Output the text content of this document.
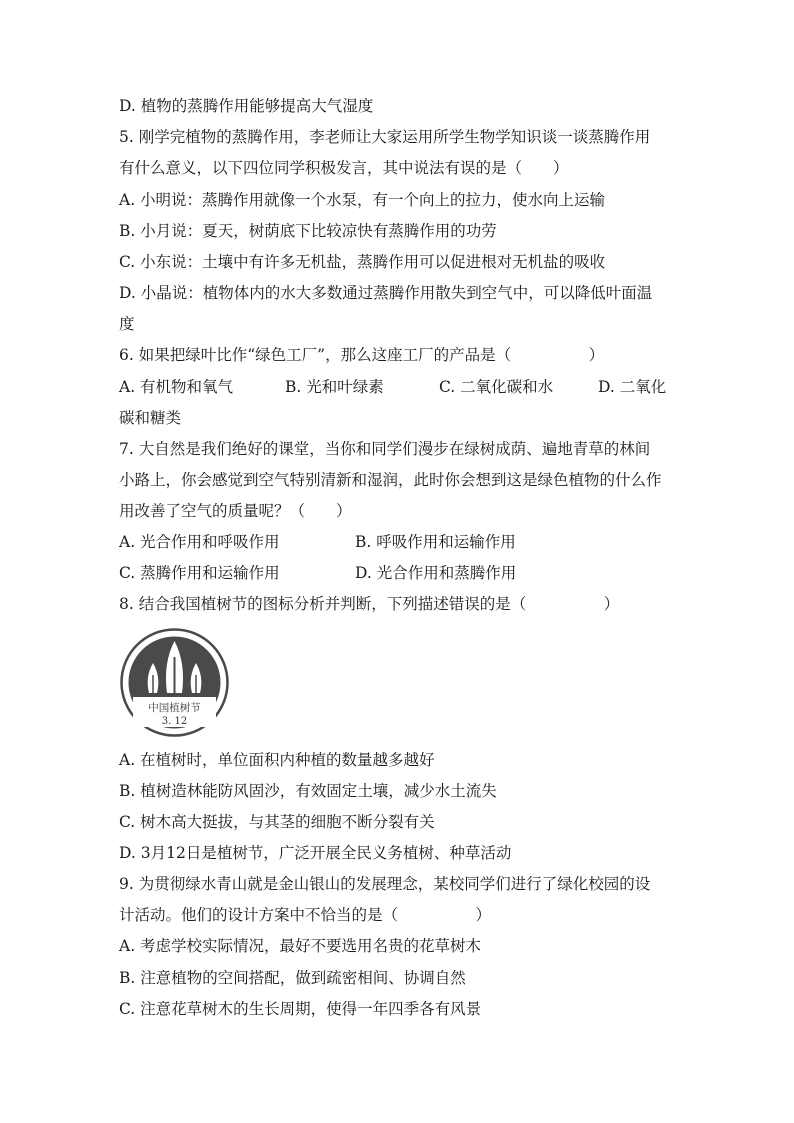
D. 植物的蒸腾作用能够提高大气湿度
5. 刚学完植物的蒸腾作用，李老师让大家运用所学生物学知识谈一谈蒸腾作用
有什么意义，以下四位同学积极发言，其中说法有误的是（　　）
A. 小明说：蒸腾作用就像一个水泵，有一个向上的拉力，使水向上运输
B. 小月说：夏天，树荫底下比较凉快有蒸腾作用的功劳
C. 小东说：土壤中有许多无机盐，蒸腾作用可以促进根对无机盐的吸收
D. 小晶说：植物体内的水大多数通过蒸腾作用散失到空气中，可以降低叶面温
度
6. 如果把绿叶比作“绿色工厂”，那么这座工厂的产品是（　　　　　）
A. 有机物和氧气	B. 光和叶绿素	C. 二氧化碳和水	D. 二氧化
碳和糖类
7. 大自然是我们绝好的课堂，当你和同学们漫步在绿树成荫、遍地青草的林间
小路上，你会感觉到空气特别清新和湿润，此时你会想到这是绿色植物的什么作
用改善了空气的质量呢？（　　）
A. 光合作用和呼吸作用	B. 呼吸作用和运输作用
C. 蒸腾作用和运输作用	D. 光合作用和蒸腾作用
8. 结合我国植树节的图标分析并判断，下列描述错误的是（　　　　　）
中国植树节
3. 12
A. 在植树时，单位面积内种植的数量越多越好
B. 植树造林能防风固沙，有效固定土壤，减少水土流失
C. 树木高大挺拔，与其茎的细胞不断分裂有关
D. 3月12日是植树节，广泛开展全民义务植树、种草活动
9. 为贯彻绿水青山就是金山银山的发展理念，某校同学们进行了绿化校园的设
计活动。他们的设计方案中不恰当的是（　　　　　）
A. 考虑学校实际情况，最好不要选用名贵的花草树木
B. 注意植物的空间搭配，做到疏密相间、协调自然
C. 注意花草树木的生长周期，使得一年四季各有风景
